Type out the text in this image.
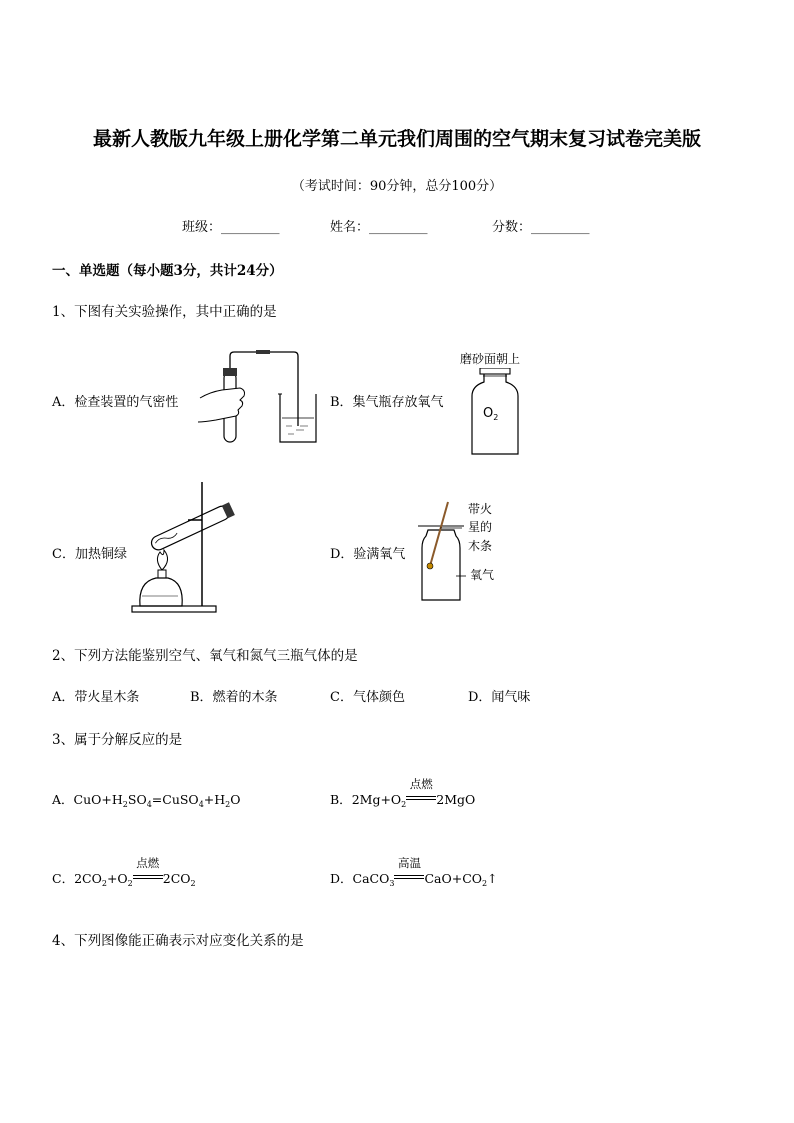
最新人教版九年级上册化学第二单元我们周围的空气期末复习试卷完美版
（考试时间：90分钟，总分100分）
班级：_________	姓名：_________	分数：_________
一、单选题（每小题3分，共计24分）
1、下图有关实验操作，其中正确的是
A．检查装置的气密性	B．集气瓶存放氧气
磨砂面朝上
$O_2$
C．加热铜绿	D．验满氧气
带火
星的
木条
氧气
2、下列方法能鉴别空气、氧气和氮气三瓶气体的是
A．带火星木条	B．燃着的木条	C．气体颜色	D．闻气味
3、属于分解反应的是
A．$CuO+H_2SO_4=CuSO_4+H_2O$	B．$2Mg+O_2$
点燃
2MgO
C．$2CO_2+O_2$
点燃
$2CO_2$	D．CaCO$_3$
高温
$CaO+CO_2↑$
4、下列图像能正确表示对应变化关系的是
